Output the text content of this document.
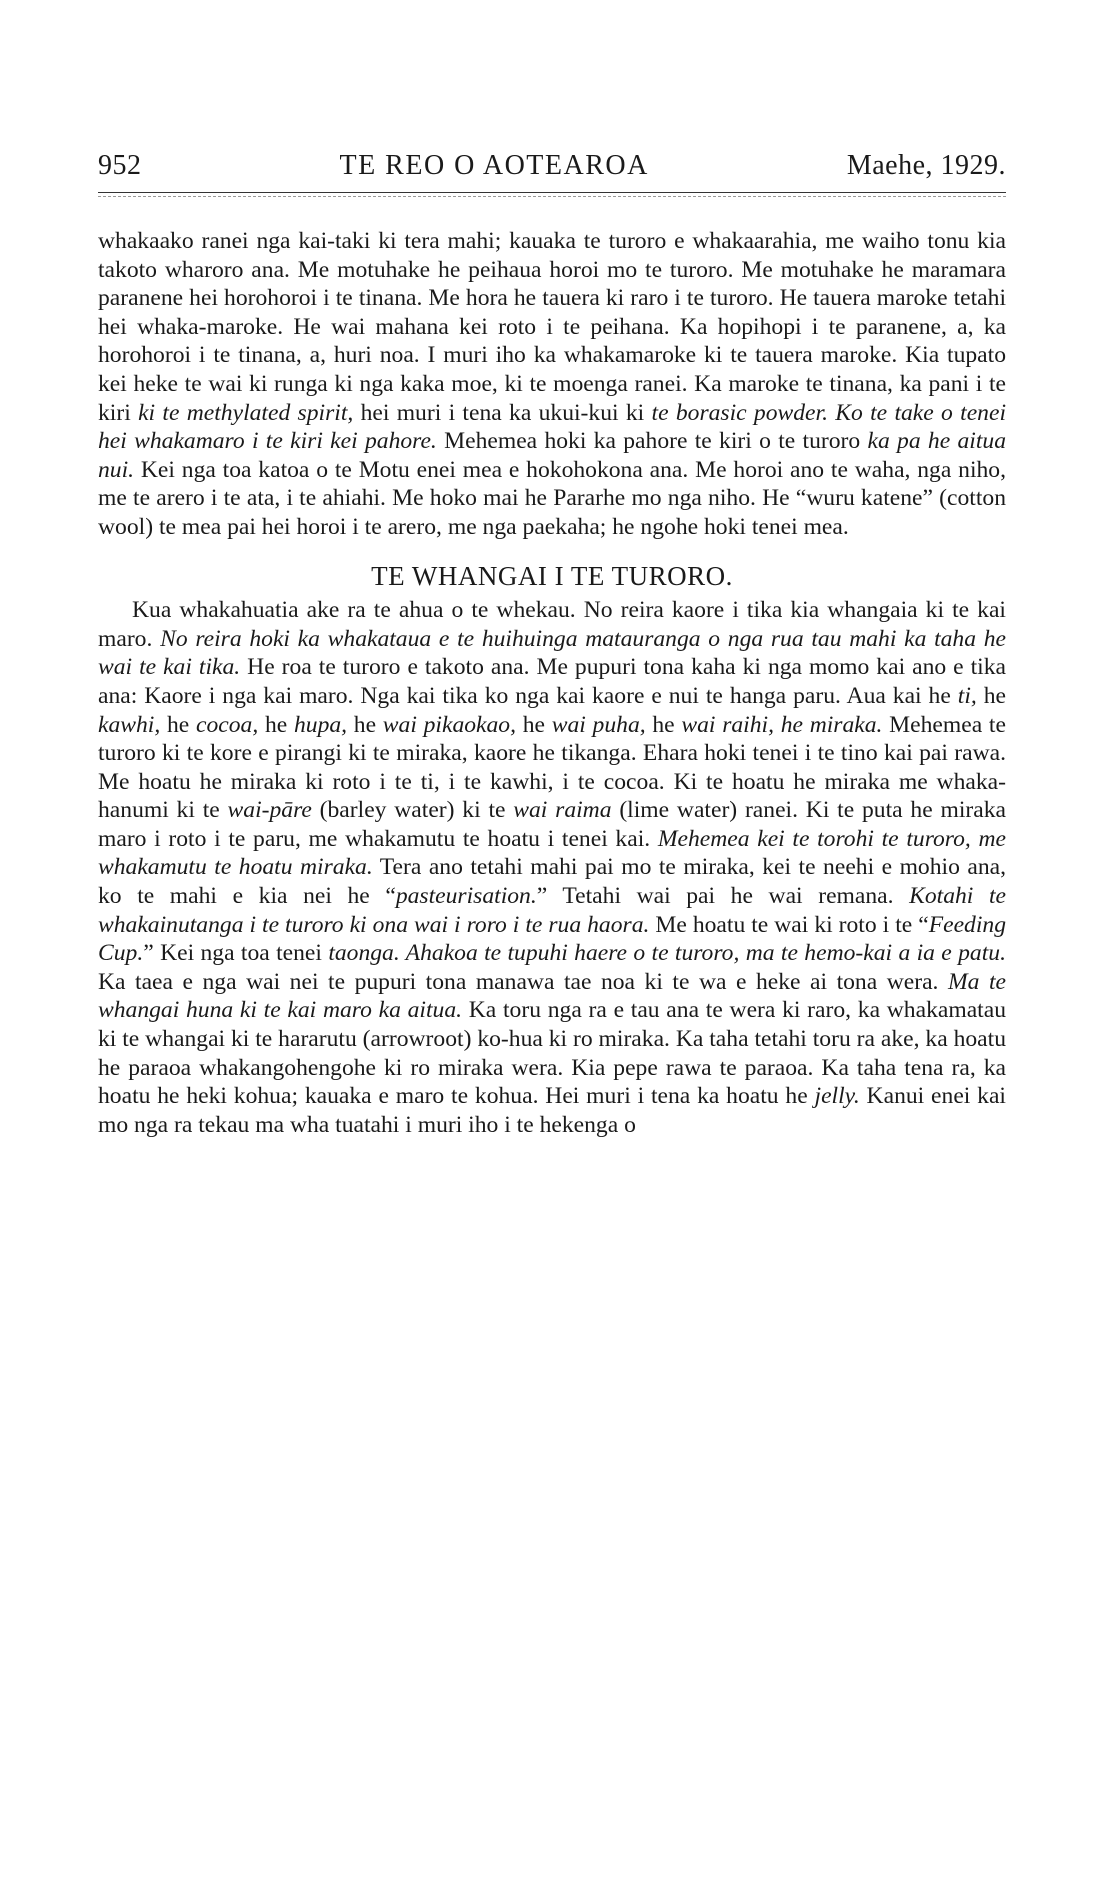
952	TE REO O AOTEAROA	Maehe, 1929.

whakaako ranei nga kai-taki ki tera mahi; kauaka te turoro e whakaarahia, me waiho tonu kia takoto wharoro ana. Me motuhake he peihaua horoi mo te turoro. Me motuhake he maramara paranene hei horohoroi i te tinana. Me hora he tauera ki raro i te turoro. He tauera maroke tetahi hei whaka-maroke. He wai mahana kei roto i te peihana. Ka hopihopi i te paranene, a, ka horohoroi i te tinana, a, huri noa. I muri iho ka whakamaroke ki te tauera maroke. Kia tupato kei heke te wai ki runga ki nga kaka moe, ki te moenga ranei. Ka maroke te tinana, ka pani i te kiri ki te methylated spirit, hei muri i tena ka ukui-kui ki te borasic powder. Ko te take o tenei hei whakamaro i te kiri kei pahore. Mehemea hoki ka pahore te kiri o te turoro ka pa he aitua nui. Kei nga toa katoa o te Motu enei mea e hokohokona ana. Me horoi ano te waha, nga niho, me te arero i te ata, i te ahiahi. Me hoko mai he Pararhe mo nga niho. He “wuru katene” (cotton wool) te mea pai hei horoi i te arero, me nga paekaha; he ngohe hoki tenei mea.

TE WHANGAI I TE TURORO.

Kua whakahuatia ake ra te ahua o te whekau. No reira kaore i tika kia whangaia ki te kai maro. No reira hoki ka whakataua e te huihuinga matauranga o nga rua tau mahi ka taha he wai te kai tika. He roa te turoro e takoto ana. Me pupuri tona kaha ki nga momo kai ano e tika ana: Kaore i nga kai maro. Nga kai tika ko nga kai kaore e nui te hanga paru. Aua kai he ti, he kawhi, he cocoa, he hupa, he wai pikaokao, he wai puha, he wai raihi, he miraka. Mehemea te turoro ki te kore e pirangi ki te miraka, kaore he tikanga. Ehara hoki tenei i te tino kai pai rawa. Me hoatu he miraka ki roto i te ti, i te kawhi, i te cocoa. Ki te hoatu he miraka me whaka-hanumi ki te wai-pāre (barley water) ki te wai raima (lime water) ranei. Ki te puta he miraka maro i roto i te paru, me whakamutu te hoatu i tenei kai. Mehemea kei te torohi te turoro, me whakamutu te hoatu miraka. Tera ano tetahi mahi pai mo te miraka, kei te neehi e mohio ana, ko te mahi e kia nei he “pasteurisation.” Tetahi wai pai he wai remana. Kotahi te whakainutanga i te turoro ki ona wai i roro i te rua haora. Me hoatu te wai ki roto i te “Feeding Cup.” Kei nga toa tenei taonga. Ahakoa te tupuhi haere o te turoro, ma te hemo-kai a ia e patu. Ka taea e nga wai nei te pupuri tona manawa tae noa ki te wa e heke ai tona wera. Ma te whangai huna ki te kai maro ka aitua. Ka toru nga ra e tau ana te wera ki raro, ka whakamatau ki te whangai ki te hararutu (arrowroot) ko-hua ki ro miraka. Ka taha tetahi toru ra ake, ka hoatu he paraoa whakangohengohe ki ro miraka wera. Kia pepe rawa te paraoa. Ka taha tena ra, ka hoatu he heki kohua; kauaka e maro te kohua. Hei muri i tena ka hoatu he jelly. Kanui enei kai mo nga ra tekau ma wha tuatahi i muri iho i te hekenga o
